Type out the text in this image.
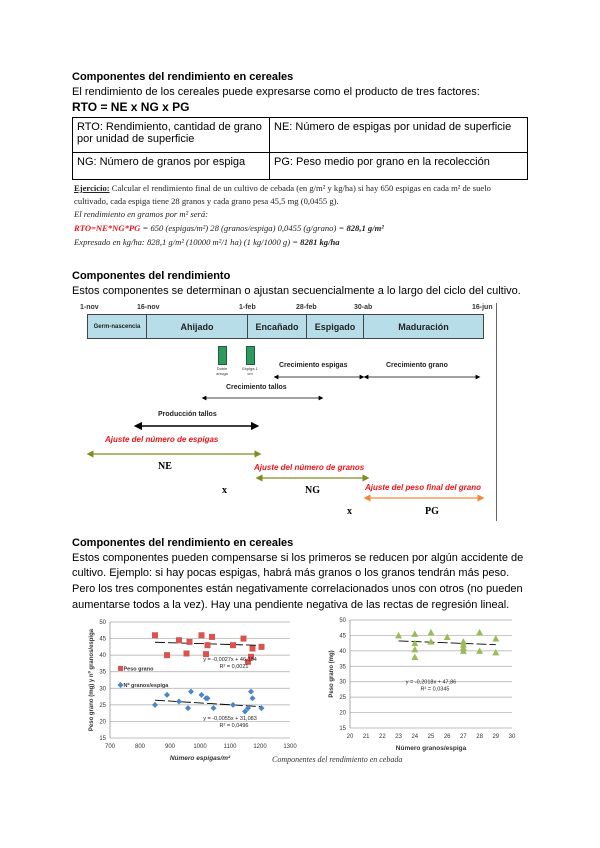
Componentes del rendimiento en cereales
El rendimiento de los cereales puede expresarse como el producto de tres factores:
RTO = NE x NG x PG
RTO: Rendimiento, cantidad de grano por unidad de superficie	NE: Número de espigas por unidad de superficie
NG: Número de granos por espiga	PG: Peso medio por grano en la recolección
Ejercicio: Calcular el rendimiento final de un cultivo de cebada (en g/m² y kg/ha) si hay 650 espigas en cada m² de suelo
cultivado, cada espiga tiene 28 granos y cada grano pesa 45,5 mg (0,0455 g).
El rendimiento en gramos por m² será:
RTO=NE*NG*PG = 650 (espigas/m²) 28 (granos/espiga) 0,0455 (g/grano) = 828,1 g/m²
Expresado en kg/ha: 828,1 g/m² (10000 m²/1 ha) (1 kg/1000 g) = 8281 kg/ha
Componentes del rendimiento
Estos componentes se determinan o ajustan secuencialmente a lo largo del ciclo del cultivo.
1-nov	16-nov	1-feb	28-feb	30-ab	16-jun
Germ-nascencia	Ahijado	Encañado	Espigado	Maduración
Doble arruga
Espiga 1 cm
Crecimiento espigas	Crecimiento grano
Crecimiento tallos
Producción tallos
Ajuste del número de espigas
Ajuste del número de granos
Ajuste del peso final del grano
NE
NG
PG
x
x
Componentes del rendimiento en cereales
Estos componentes pueden compensarse si los primeros se reducen por algún accidente de
cultivo. Ejemplo: si hay pocas espigas, habrá más granos o los granos tendrán más peso.
Pero los tres componentes están negativamente correlacionados unos con otros (no pueden
aumentarse todos a la vez). Hay una pendiente negativa de las rectas de regresión lineal.
15
20
25
30
35
40
45
50
700	800	900	1000	1100	1200	1300
Número espigas/m²
Peso grano (mg) y nº granos/espiga	y = -0,0027x + 46,184
R² = 0,0021
Peso grano
y = -0,0055x + 31,083
R² = 0,0496
Nº granos/espiga
15
20
25
30
35
40
45
50
20 21 22 23 24 25 26 27 28 29 30
Número granos/espiga
Peso grano (mg)	y = -0,2018x + 47,86
R² = 0,0345
Componentes del rendimiento en cebada
